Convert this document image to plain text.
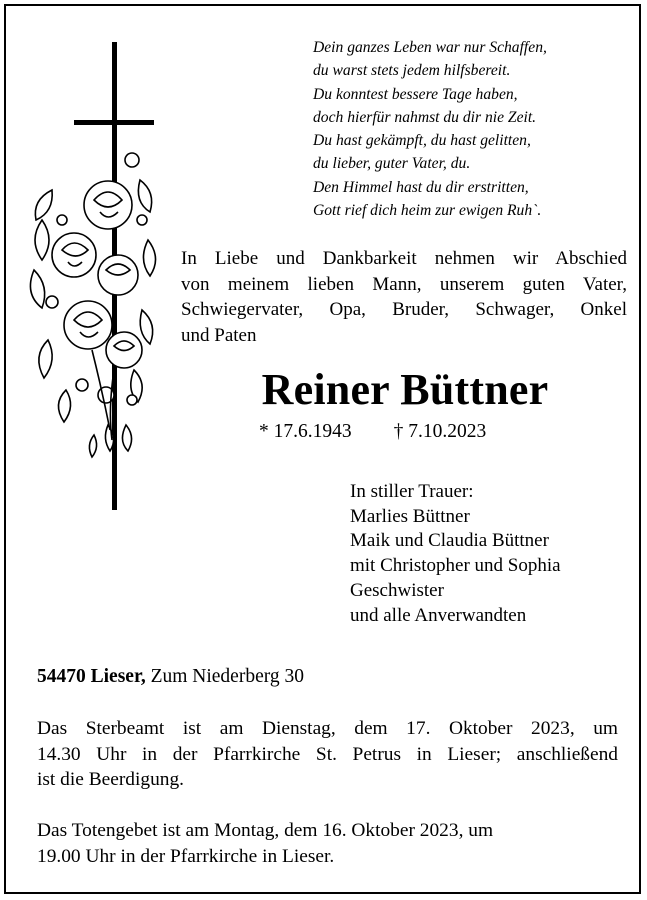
Dein ganzes Leben war nur Schaffen,
du warst stets jedem hilfsbereit.
Du konntest bessere Tage haben,
doch hierfür nahmst du dir nie Zeit.
Du hast gekämpft, du hast gelitten,
du lieber, guter Vater, du.
Den Himmel hast du dir erstritten,
Gott rief dich heim zur ewigen Ruh`.
In Liebe und Dankbarkeit nehmen wir Abschied
von meinem lieben Mann, unserem guten Vater,
Schwiegervater, Opa, Bruder, Schwager, Onkel
und Paten
Reiner Büttner
* 17.6.1943 † 7.10.2023
In stiller Trauer:
Marlies Büttner
Maik und Claudia Büttner
mit Christopher und Sophia
Geschwister
und alle Anverwandten
54470 Lieser, Zum Niederberg 30
Das Sterbeamt ist am Dienstag, dem 17. Oktober 2023, um
14.30 Uhr in der Pfarrkirche St. Petrus in Lieser; anschließend
ist die Beerdigung.
Das Totengebet ist am Montag, dem 16. Oktober 2023, um
19.00 Uhr in der Pfarrkirche in Lieser.
